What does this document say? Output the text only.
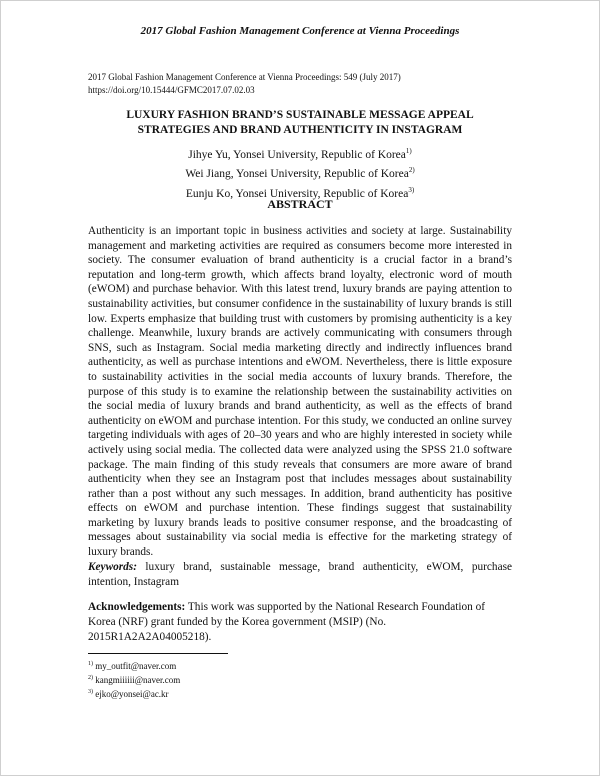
2017 Global Fashion Management Conference at Vienna Proceedings
2017 Global Fashion Management Conference at Vienna Proceedings: 549 (July 2017)
https://doi.org/10.15444/GFMC2017.07.02.03
LUXURY FASHION BRAND’S SUSTAINABLE MESSAGE APPEAL
STRATEGIES AND BRAND AUTHENTICITY IN INSTAGRAM
Jihye Yu, Yonsei University, Republic of Korea$^{1)}$
Wei Jiang, Yonsei University, Republic of Korea$^{2)}$
Eunju Ko, Yonsei University, Republic of Korea$^{3)}$
ABSTRACT

Authenticity is an important topic in business activities and society at large. Sustainability management and marketing activities are required as consumers become more interested in society. The consumer evaluation of brand authenticity is a crucial factor in a brand’s reputation and long-term growth, which affects brand loyalty, electronic word of mouth (eWOM) and purchase behavior. With this latest trend, luxury brands are paying attention to sustainability activities, but consumer confidence in the sustainability of luxury brands is still low. Experts emphasize that building trust with customers by promising authenticity is a key challenge. Meanwhile, luxury brands are actively communicating with consumers through SNS, such as Instagram. Social media marketing directly and indirectly influences brand authenticity, as well as purchase intentions and eWOM. Nevertheless, there is little exposure to sustainability activities in the social media accounts of luxury brands. Therefore, the purpose of this study is to examine the relationship between the sustainability activities on the social media of luxury brands and brand authenticity, as well as the effects of brand authenticity on eWOM and purchase intention. For this study, we conducted an online survey targeting individuals with ages of 20–30 years and who are highly interested in society while actively using social media. The collected data were analyzed using the SPSS 21.0 software package. The main finding of this study reveals that consumers are more aware of brand authenticity when they see an Instagram post that includes messages about sustainability rather than a post without any such messages. In addition, brand authenticity has positive effects on eWOM and purchase intention. These findings suggest that sustainability marketing by luxury brands leads to positive consumer response, and the broadcasting of messages about sustainability via social media is effective for the marketing strategy of luxury brands.

Keywords: luxury brand, sustainable message, brand authenticity, eWOM, purchase intention, Instagram

Acknowledgements: This work was supported by the National Research Foundation of Korea (NRF) grant funded by the Korea government (MSIP) (No. 2015R1A2A2A04005218).

$^{1)}$ my_outfit@naver.com
$^{2)}$ kangmiiiiii@naver.com
$^{3)}$ ejko@yonsei@ac.kr
